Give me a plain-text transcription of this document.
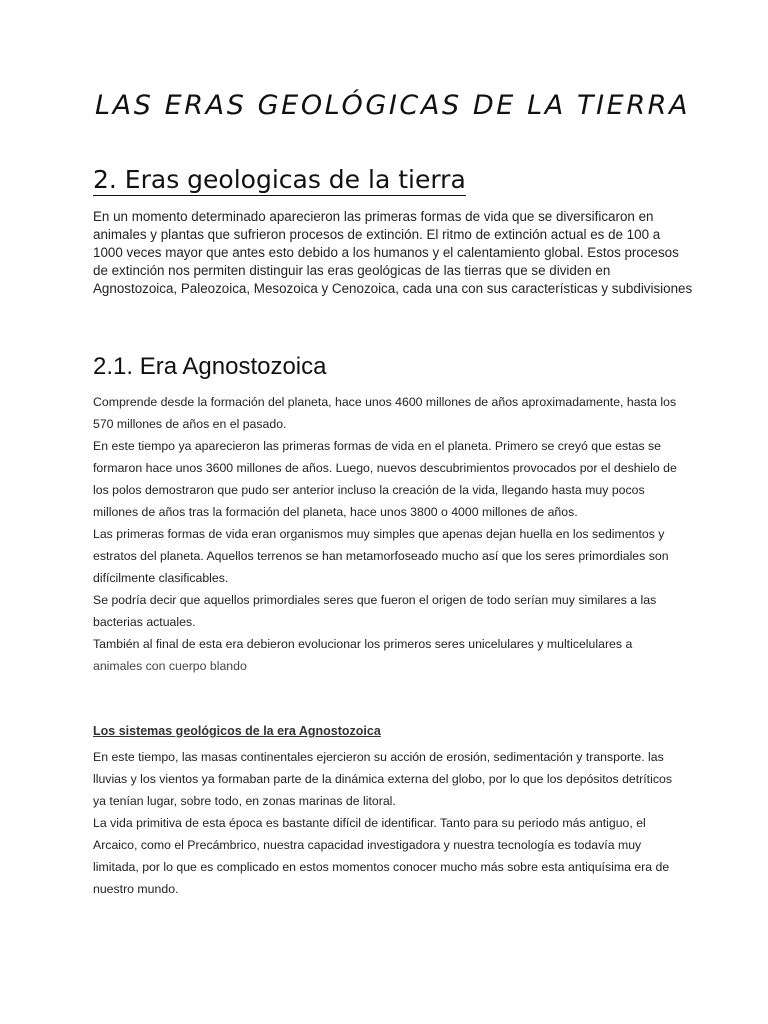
LAS ERAS GEOLÓGICAS DE LA TIERRA
2. Eras geologicas de la tierra

En un momento determinado aparecieron las primeras formas de vida que se diversificaron en animales y plantas que sufrieron procesos de extinción. El ritmo de extinción actual es de 100 a 1000 veces mayor que antes esto debido a los humanos y el calentamiento global. Estos procesos de extinción nos permiten distinguir las eras geológicas de las tierras que se dividen en Agnostozoica, Paleozoica, Mesozoica y Cenozoica, cada una con sus características y subdivisiones

2.1. Era Agnostozoica

Comprende desde la formación del planeta, hace unos 4600 millones de años aproximadamente, hasta los 570 millones de años en el pasado.

En este tiempo ya aparecieron las primeras formas de vida en el planeta. Primero se creyó que estas se formaron hace unos 3600 millones de años. Luego, nuevos descubrimientos provocados por el deshielo de los polos demostraron que pudo ser anterior incluso la creación de la vida, llegando hasta muy pocos millones de años tras la formación del planeta, hace unos 3800 o 4000 millones de años.

Las primeras formas de vida eran organismos muy simples que apenas dejan huella en los sedimentos y estratos del planeta. Aquellos terrenos se han metamorfoseado mucho así que los seres primordiales son difícilmente clasificables.

Se podría decir que aquellos primordiales seres que fueron el origen de todo serían muy similares a las bacterias actuales.

También al final de esta era debieron evolucionar los primeros seres unicelulares y multicelulares a animales con cuerpo blando

Los sistemas geológicos de la era Agnostozoica

En este tiempo, las masas continentales ejercieron su acción de erosión, sedimentación y transporte. las lluvias y los vientos ya formaban parte de la dinámica externa del globo, por lo que los depósitos detríticos ya tenían lugar, sobre todo, en zonas marinas de litoral.

La vida primitiva de esta época es bastante difícil de identificar. Tanto para su periodo más antiguo, el Arcaico, como el Precámbrico, nuestra capacidad investigadora y nuestra tecnología es todavía muy limitada, por lo que es complicado en estos momentos conocer mucho más sobre esta antiquísima era de nuestro mundo.
